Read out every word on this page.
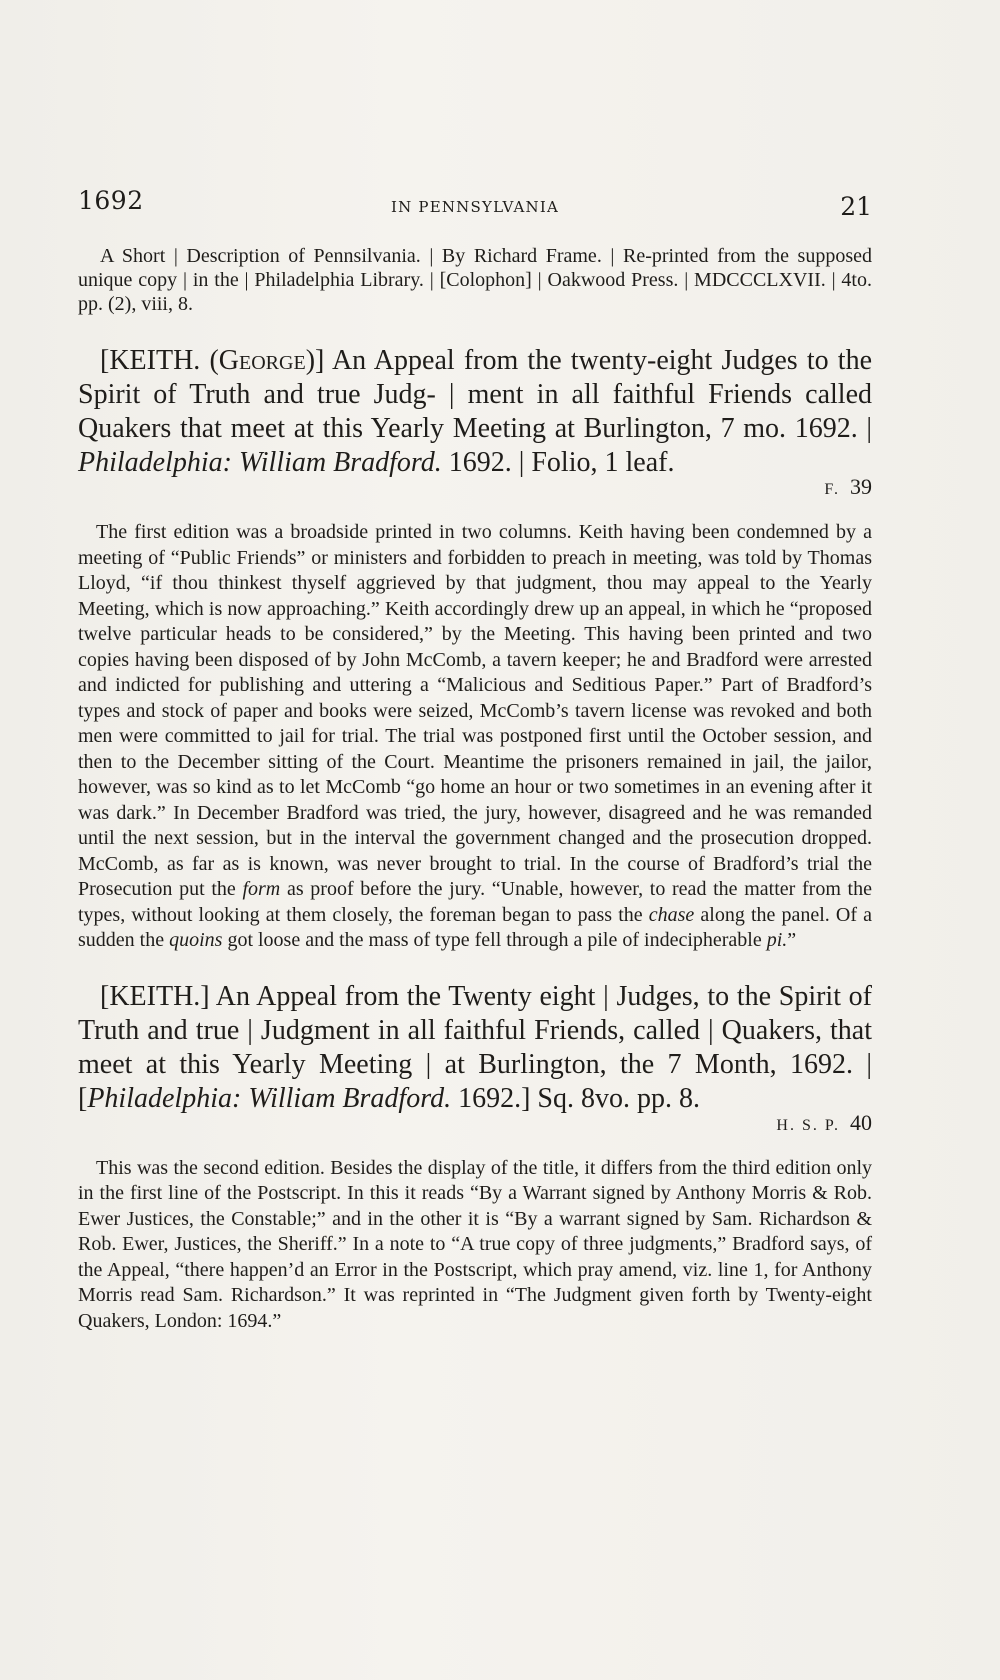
1692	IN PENNSYLVANIA	21

A Short | Description of Pennsilvania. | By Richard Frame. | Re-printed from the supposed unique copy | in the | Philadelphia Library. | [Colophon] | Oakwood Press. | MDCCCLXVII. | 4to. pp. (2), viii, 8.

[KEITH. (George)] An Appeal from the twenty-eight Judges to the Spirit of Truth and true Judg- | ment in all faithful Friends called Quakers that meet at this Yearly Meeting at Burlington, 7 mo. 1692. | Philadelphia: William Bradford. 1692. | Folio, 1 leaf.

F. 39

The first edition was a broadside printed in two columns. Keith having been condemned by a meeting of “Public Friends” or ministers and forbidden to preach in meeting, was told by Thomas Lloyd, “if thou thinkest thyself aggrieved by that judgment, thou may appeal to the Yearly Meeting, which is now approaching.” Keith accordingly drew up an appeal, in which he “proposed twelve particular heads to be considered,” by the Meeting. This having been printed and two copies having been disposed of by John McComb, a tavern keeper; he and Bradford were arrested and indicted for publishing and uttering a “Malicious and Seditious Paper.” Part of Bradford’s types and stock of paper and books were seized, McComb’s tavern license was revoked and both men were committed to jail for trial. The trial was postponed first until the October session, and then to the December sitting of the Court. Meantime the prisoners remained in jail, the jailor, however, was so kind as to let McComb “go home an hour or two sometimes in an evening after it was dark.” In December Bradford was tried, the jury, however, disagreed and he was remanded until the next session, but in the interval the government changed and the prosecution dropped. McComb, as far as is known, was never brought to trial. In the course of Bradford’s trial the Prosecution put the form as proof before the jury. “Unable, however, to read the matter from the types, without looking at them closely, the foreman began to pass the chase along the panel. Of a sudden the quoins got loose and the mass of type fell through a pile of indecipherable pi.”

[KEITH.] An Appeal from the Twenty eight | Judges, to the Spirit of Truth and true | Judgment in all faithful Friends, called | Quakers, that meet at this Yearly Meeting | at Burlington, the 7 Month, 1692. | [Philadelphia: William Bradford. 1692.] Sq. 8vo. pp. 8.

H. S. P. 40

This was the second edition. Besides the display of the title, it differs from the third edition only in the first line of the Postscript. In this it reads “By a Warrant signed by Anthony Morris & Rob. Ewer Justices, the Constable;” and in the other it is “By a warrant signed by Sam. Richardson & Rob. Ewer, Justices, the Sheriff.” In a note to “A true copy of three judgments,” Bradford says, of the Appeal, “there happen’d an Error in the Postscript, which pray amend, viz. line 1, for Anthony Morris read Sam. Richardson.” It was reprinted in “The Judgment given forth by Twenty-eight Quakers, London: 1694.”
